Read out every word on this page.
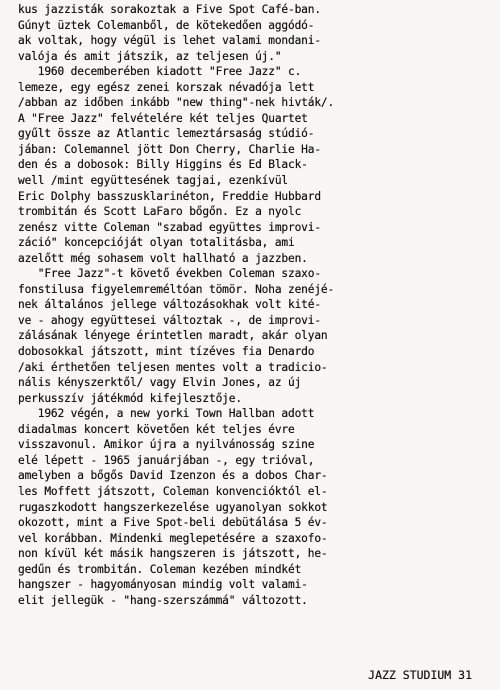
kus jazzisták sorakoztak a Five Spot Café-ban.
Gúnyt üztek Colemanből, de kötekedően aggódó-
ak voltak, hogy végül is lehet valami mondani-
valója és amit játszik, az teljesen új."
1960 decemberében kiadott "Free Jazz" c.
lemeze, egy egész zenei korszak névadója lett
/abban az időben inkább "new thing"-nek hivták/.
A "Free Jazz" felvételére két teljes Quartet
gyűlt össze az Atlantic lemeztársaság stúdió-
jában: Colemannel jött Don Cherry, Charlie Ha-
den és a dobosok: Billy Higgins és Ed Black-
well /mint együttesének tagjai, ezenkívül
Eric Dolphy basszusklarinéton, Freddie Hubbard
trombitán és Scott LaFaro bőgőn. Ez a nyolc
zenész vitte Coleman "szabad együttes improvi-
záció" koncepcióját olyan totalitásba, ami
azelőtt még sohasem volt hallható a jazzben.
"Free Jazz"-t követő években Coleman szaxo-
fonstilusa figyelemreméltóan tömör. Noha zenéjé-
nek általános jellege változásokhak volt kité-
ve - ahogy együttesei változtak -, de improvi-
zálásának lényege érintetlen maradt, akár olyan
dobosokkal játszott, mint tízéves fia Denardo
/aki érthetően teljesen mentes volt a tradicio-
nális kényszerktől/ vagy Elvin Jones, az új
perkusszív játékmód kifejlesztője.
1962 végén, a new yorki Town Hallban adott
diadalmas koncert követően két teljes évre
visszavonul. Amikor újra a nyilvánosság szine
elé lépett - 1965 januárjában -, egy trióval,
amelyben a bőgős David Izenzon és a dobos Char-
les Moffett játszott, Coleman konvencióktól el-
rugaszkodott hangszerkezelése ugyanolyan sokkot
okozott, mint a Five Spot-beli debütálása 5 év-
vel korábban. Mindenki meglepetésére a szaxofo-
non kívül két másik hangszeren is játszott, he-
gedűn és trombitán. Coleman kezében mindkét
hangszer - hagyományosan mindig volt valami-
elit jellegük - "hang-szerszámmá" változott.
JAZZ STUDIUM 31
